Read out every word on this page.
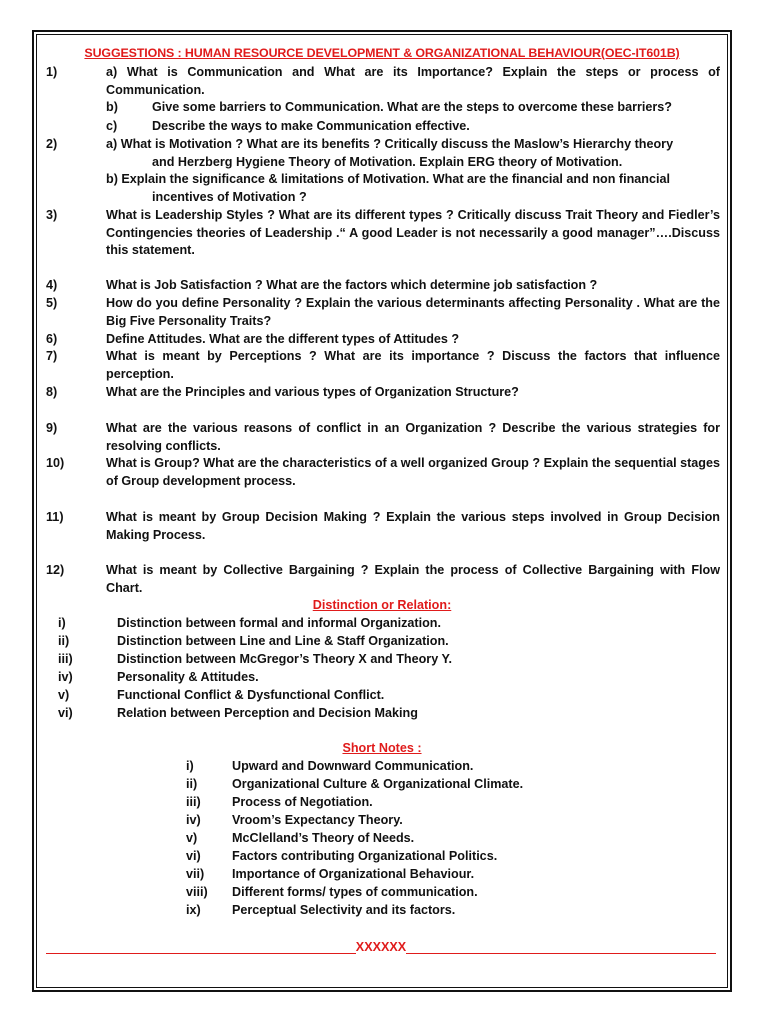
SUGGESTIONS : HUMAN RESOURCE DEVELOPMENT & ORGANIZATIONAL BEHAVIOUR(OEC-IT601B)
1)	a) What is Communication and What are its Importance? Explain the steps or process of Communication.
b)	Give some barriers to Communication. What are the steps to overcome these barriers?
c)	Describe the ways to make Communication effective.
2)	a) What is Motivation ? What are its benefits ? Critically discuss the Maslow’s Hierarchy theory
and Herzberg Hygiene Theory of Motivation. Explain ERG theory of Motivation.
b) Explain the significance & limitations of Motivation. What are the financial and non financial
incentives of Motivation ?
3)	What is Leadership Styles ? What are its different types ? Critically discuss Trait Theory and Fiedler’s Contingencies theories of Leadership .“ A good Leader is not necessarily a good manager”….Discuss this statement.
4)	What is Job Satisfaction ? What are the factors which determine job satisfaction ?
5)	How do you define Personality ? Explain the various determinants affecting Personality . What are the Big Five Personality Traits?
6)	Define Attitudes. What are the different types of Attitudes ?
7)	What is meant by Perceptions ? What are its importance ? Discuss the factors that influence perception.
8)	What are the Principles and various types of Organization Structure?
9)	What are the various reasons of conflict in an Organization ? Describe the various strategies for resolving conflicts.
10)	What is Group? What are the characteristics of a well organized Group ? Explain the sequential stages of Group development process.
11)	What is meant by Group Decision Making ? Explain the various steps involved in Group Decision Making Process.
12)	What is meant by Collective Bargaining ? Explain the process of Collective Bargaining with Flow Chart.
Distinction or Relation:
i)	Distinction between formal and informal Organization.
ii)	Distinction between Line and Line & Staff Organization.
iii)	Distinction between McGregor’s Theory X and Theory Y.
iv)	Personality & Attitudes.
v)	Functional Conflict & Dysfunctional Conflict.
vi)	Relation between Perception and Decision Making
Short Notes :
i)	Upward and Downward Communication.
ii)	Organizational Culture & Organizational Climate.
iii) Process of Negotiation.
iv) Vroom’s Expectancy Theory.
v)	McClelland’s Theory of Needs.
vi) Factors contributing Organizational Politics.
vii) Importance of Organizational Behaviour.
viii) Different forms/ types of communication.
ix) Perceptual Selectivity and its factors.
XXXXXX
